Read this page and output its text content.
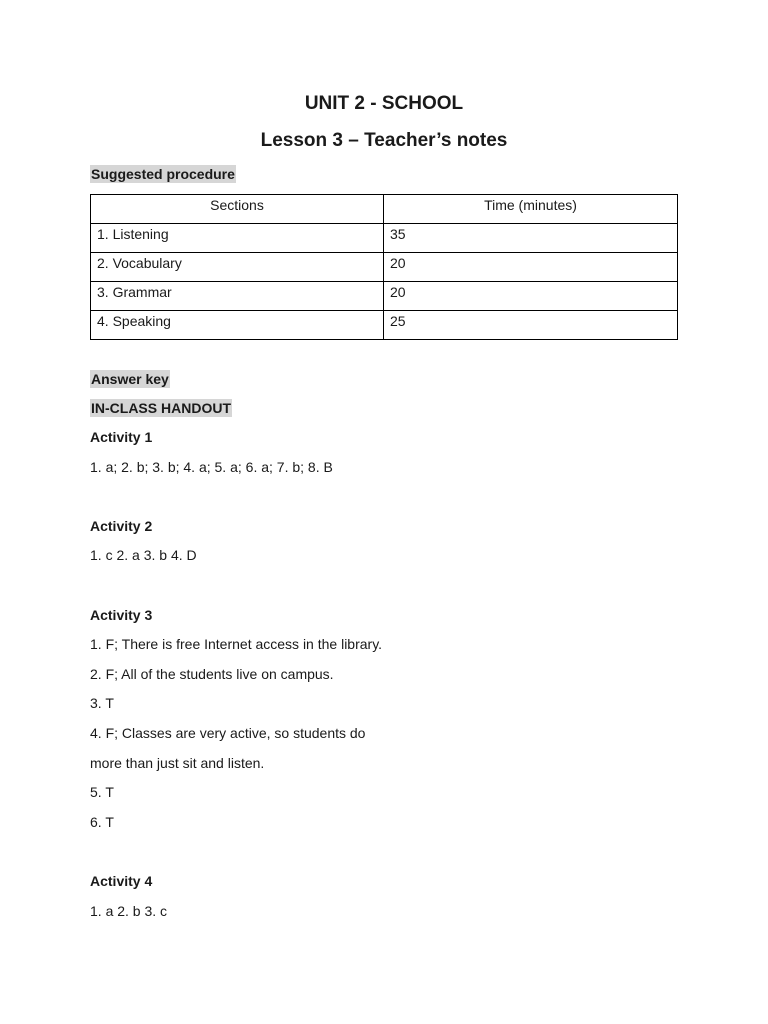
UNIT 2 - SCHOOL
Lesson 3 – Teacher’s notes
Suggested procedure
Sections	Time (minutes)
1. Listening	35
2. Vocabulary	20
3. Grammar	20
4. Speaking	25
Answer key
IN-CLASS HANDOUT
Activity 1
1. a; 2. b; 3. b; 4. a; 5. a; 6. a; 7. b; 8. B
Activity 2
1. c 2. a 3. b 4. D
Activity 3
1. F; There is free Internet access in the library.
2. F; All of the students live on campus.
3. T
4. F; Classes are very active, so students do
more than just sit and listen.
5. T
6. T
Activity 4
1. a 2. b 3. c
